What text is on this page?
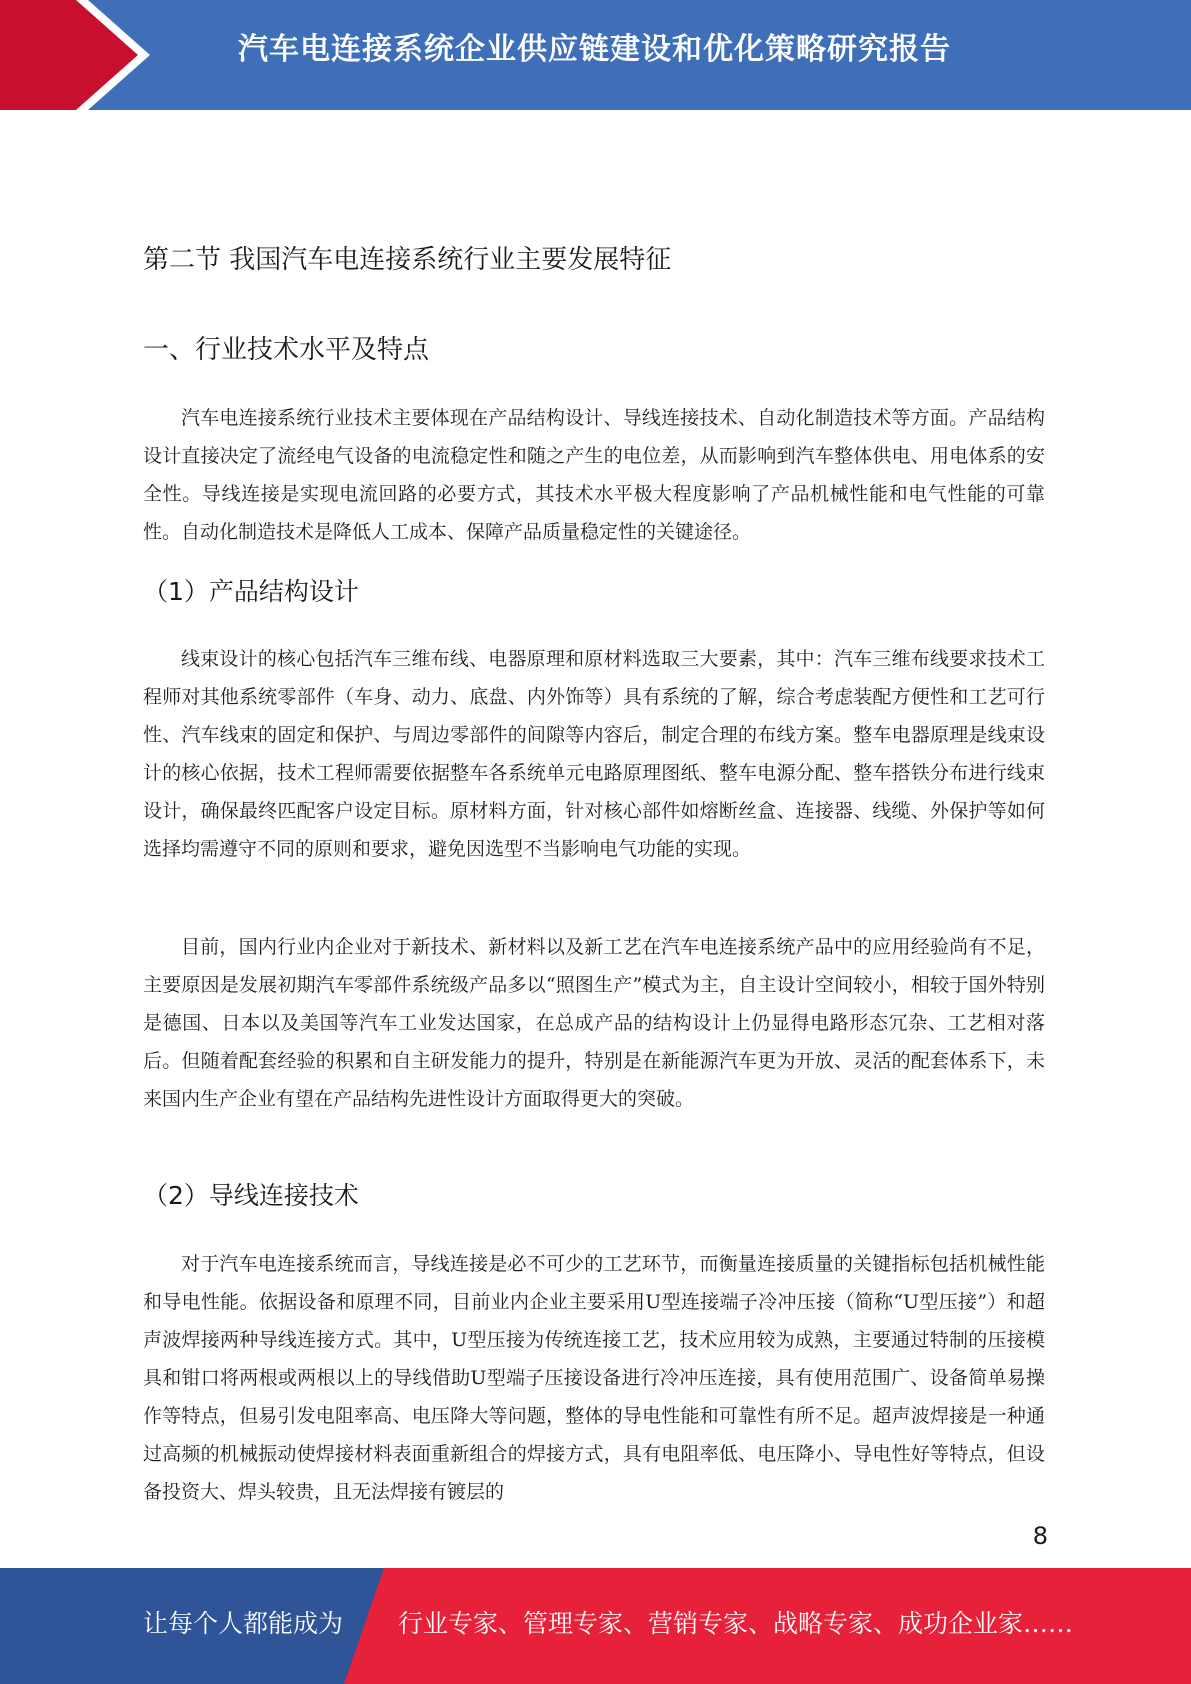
汽车电连接系统企业供应链建设和优化策略研究报告
第二节 我国汽车电连接系统行业主要发展特征
一、行业技术水平及特点
汽车电连接系统行业技术主要体现在产品结构设计、导线连接技术、自动化制造技术等方面。产品结构设计直接决定了流经电气设备的电流稳定性和随之产生的电位差，从而影响到汽车整体供电、用电体系的安全性。导线连接是实现电流回路的必要方式，其技术水平极大程度影响了产品机械性能和电气性能的可靠性。自动化制造技术是降低人工成本、保障产品质量稳定性的关键途径。
（1）产品结构设计
线束设计的核心包括汽车三维布线、电器原理和原材料选取三大要素，其中：汽车三维布线要求技术工程师对其他系统零部件（车身、动力、底盘、内外饰等）具有系统的了解，综合考虑装配方便性和工艺可行性、汽车线束的固定和保护、与周边零部件的间隙等内容后，制定合理的布线方案。整车电器原理是线束设计的核心依据，技术工程师需要依据整车各系统单元电路原理图纸、整车电源分配、整车搭铁分布进行线束设计，确保最终匹配客户设定目标。原材料方面，针对核心部件如熔断丝盒、连接器、线缆、外保护等如何选择均需遵守不同的原则和要求，避免因选型不当影响电气功能的实现。
目前，国内行业内企业对于新技术、新材料以及新工艺在汽车电连接系统产品中的应用经验尚有不足，主要原因是发展初期汽车零部件系统级产品多以“照图生产”模式为主，自主设计空间较小，相较于国外特别是德国、日本以及美国等汽车工业发达国家，在总成产品的结构设计上仍显得电路形态冗杂、工艺相对落后。但随着配套经验的积累和自主研发能力的提升，特别是在新能源汽车更为开放、灵活的配套体系下，未来国内生产企业有望在产品结构先进性设计方面取得更大的突破。
（2）导线连接技术
对于汽车电连接系统而言，导线连接是必不可少的工艺环节，而衡量连接质量的关键指标包括机械性能和导电性能。依据设备和原理不同，目前业内企业主要采用U型连接端子冷冲压接（简称“U型压接”）和超声波焊接两种导线连接方式。其中，U型压接为传统连接工艺，技术应用较为成熟，主要通过特制的压接模具和钳口将两根或两根以上的导线借助U型端子压接设备进行冷冲压连接，具有使用范围广、设备简单易操作等特点，但易引发电阻率高、电压降大等问题，整体的导电性能和可靠性有所不足。超声波焊接是一种通过高频的机械振动使焊接材料表面重新组合的焊接方式，具有电阻率低、电压降小、导电性好等特点，但设备投资大、焊头较贵，且无法焊接有镀层的
8
让每个人都能成为 行业专家、管理专家、营销专家、战略专家、成功企业家……
